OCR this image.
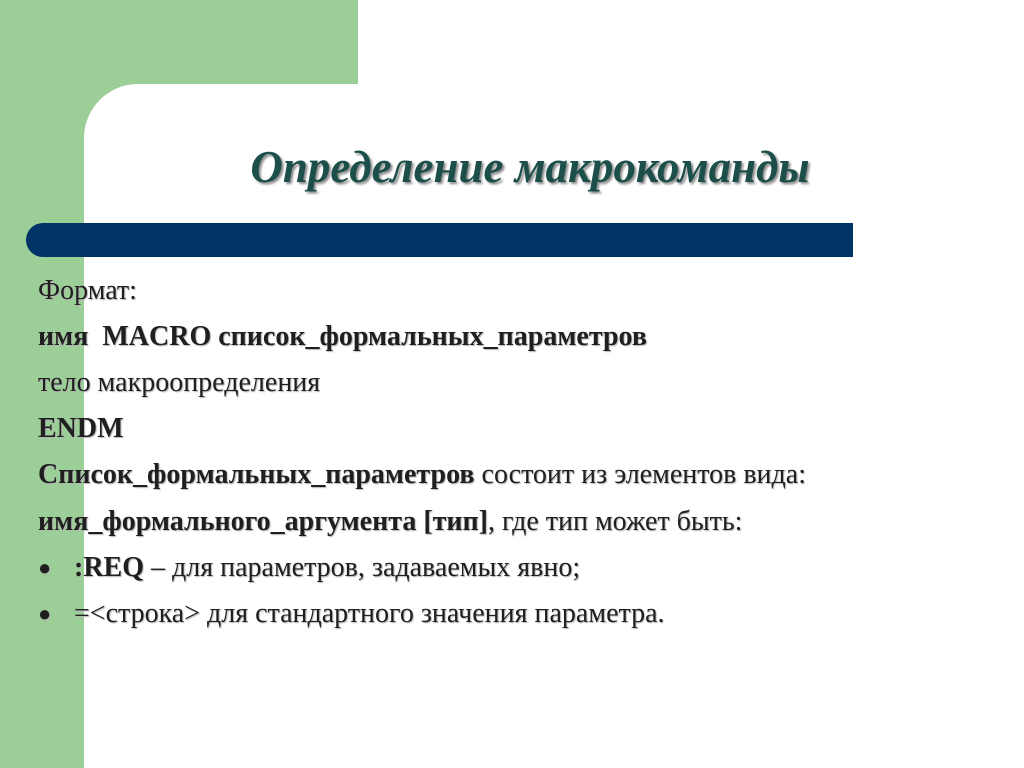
Определение макрокоманды
Формат:
имя MACRO список_формальных_параметров
тело макроопределения
ENDM
Список_формальных_параметров состоит из элементов вида:
имя_формального_аргумента [тип], где тип может быть:
● :REQ – для параметров, задаваемых явно;
● =<строка> для стандартного значения параметра.
